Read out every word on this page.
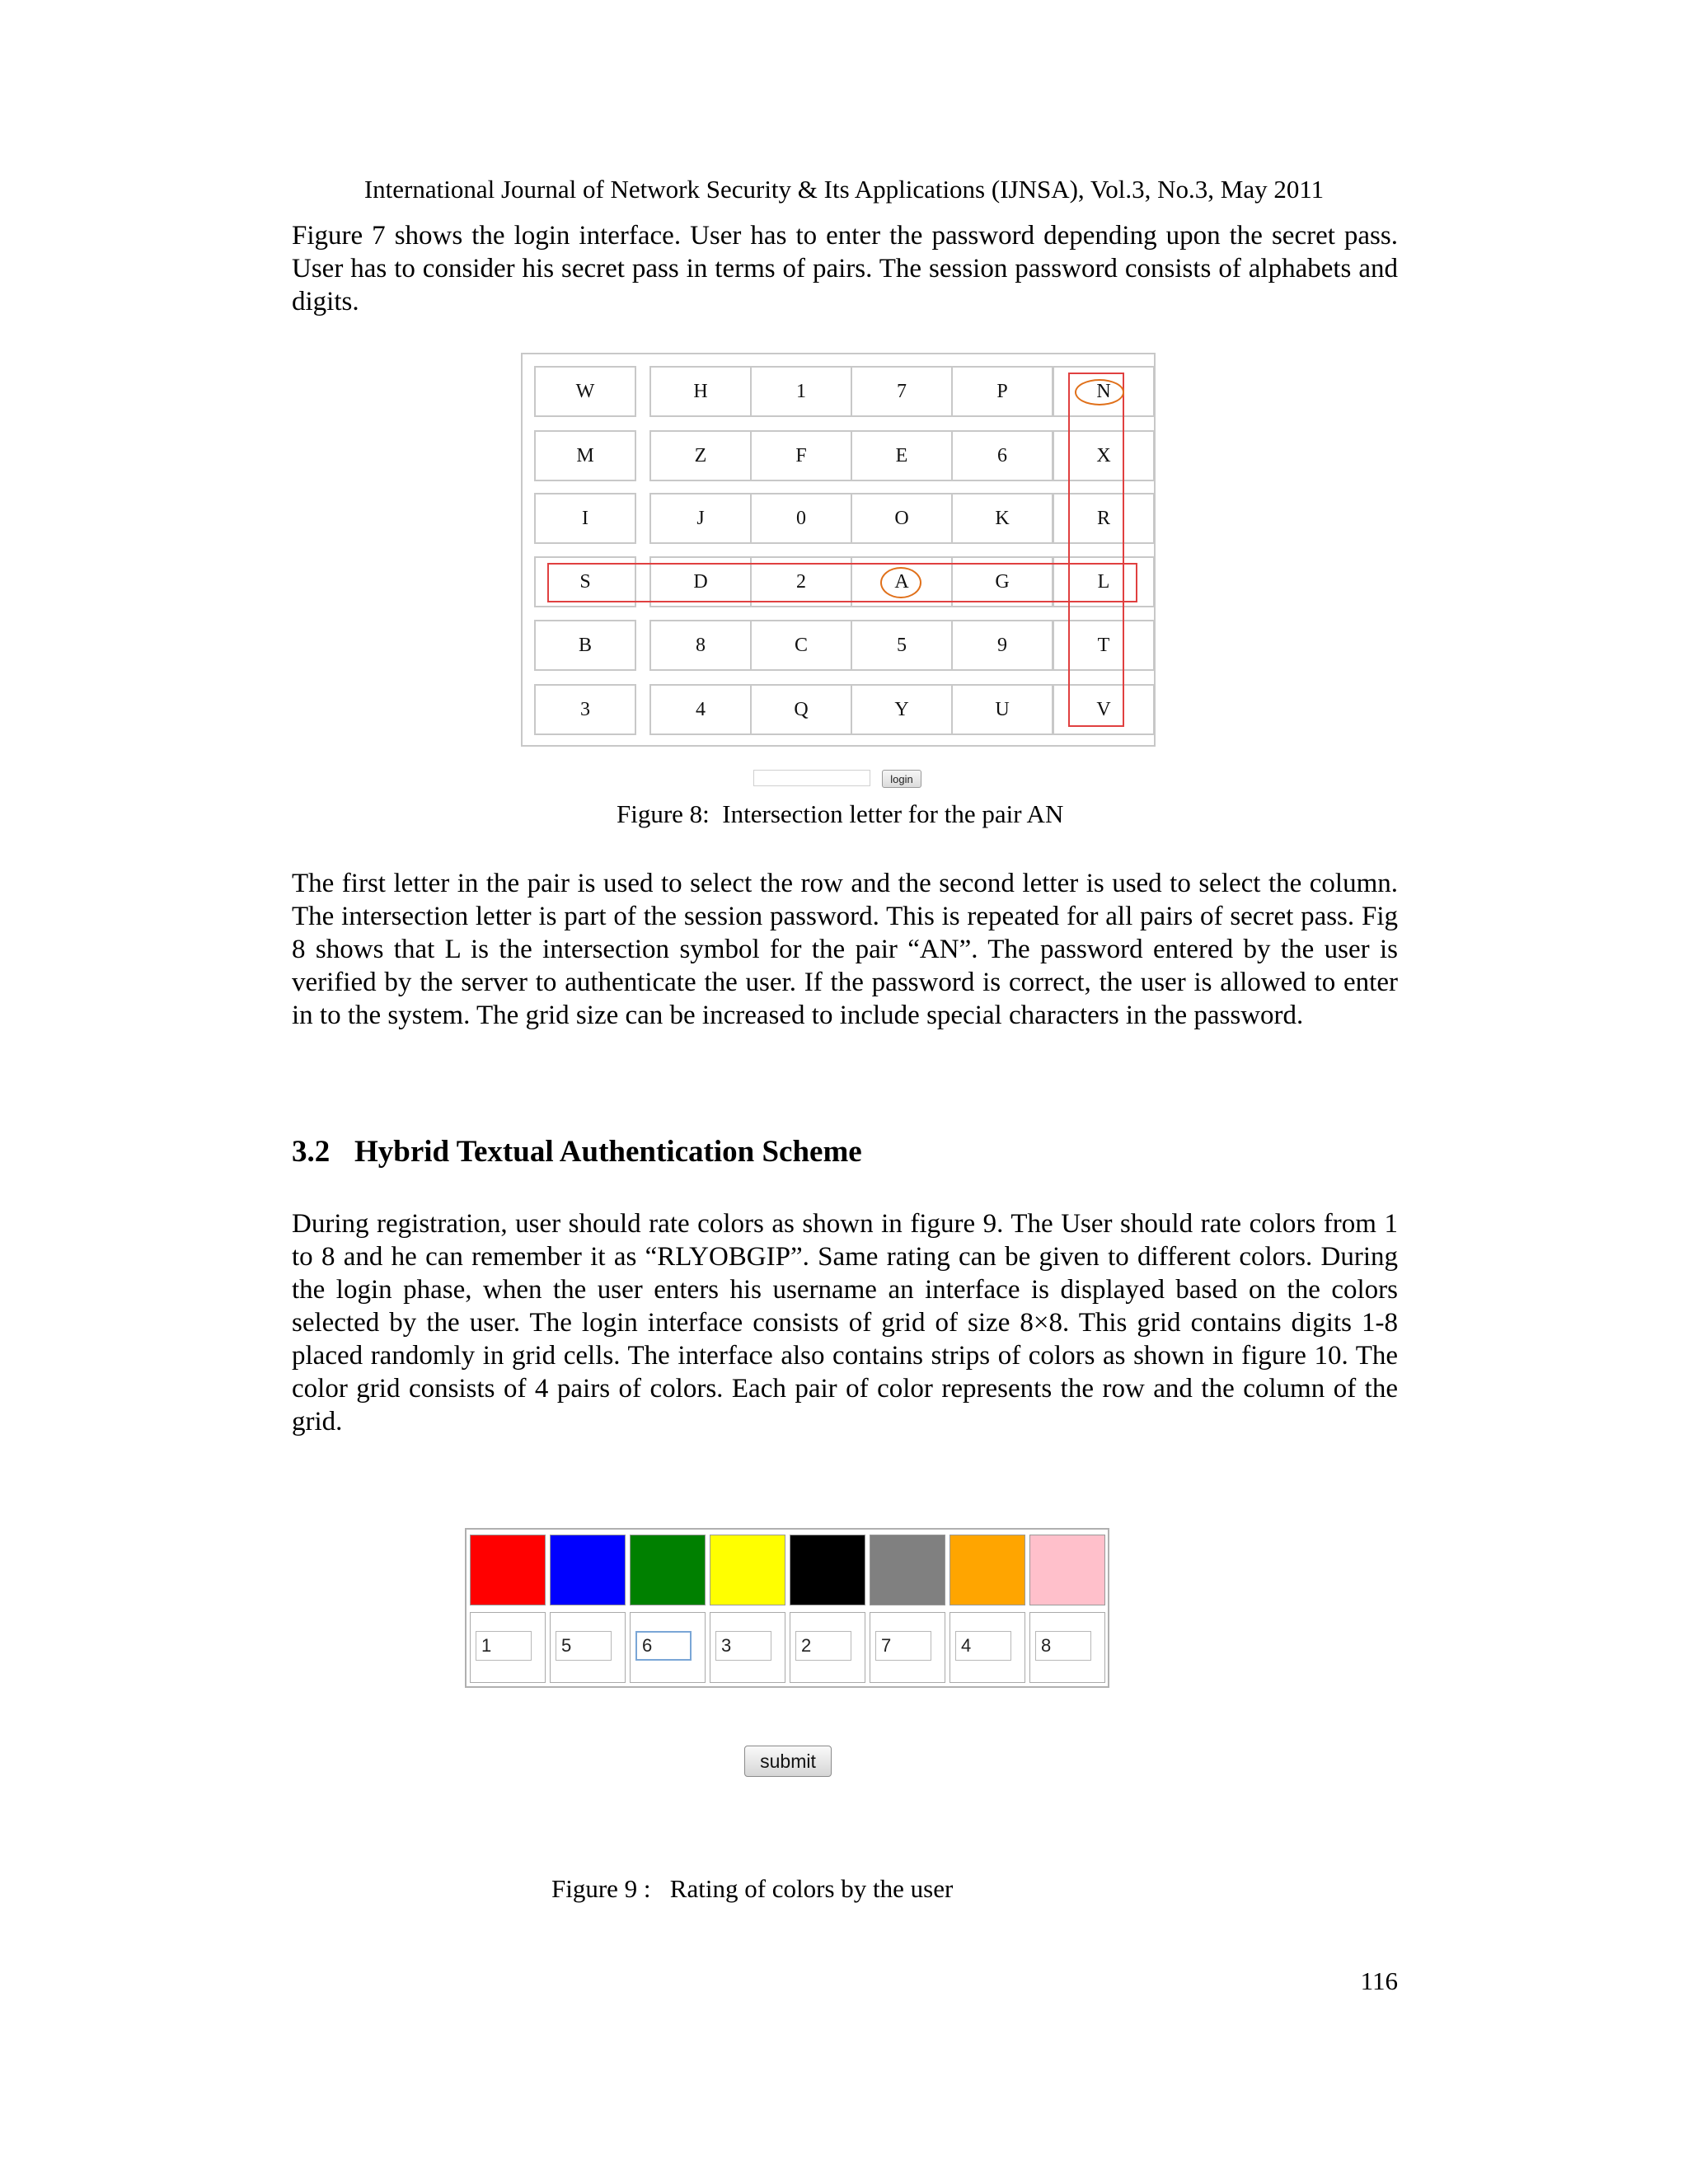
International Journal of Network Security & Its Applications (IJNSA), Vol.3, No.3, May 2011
Figure 7 shows the login interface. User has to enter the password depending upon the secret pass. User has to consider his secret pass in terms of pairs. The session password consists of alphabets and digits.
W	H	1	7	P	N
M	Z	F	E	6	X
I	J	0	O	K	R
S	D	2	A	G	L
B	8	C	5	9	T
3	4	Q	Y	U	V
login
Figure 8:  Intersection letter for the pair AN
The first letter in the pair is used to select the row and the second letter is used to select the column. The intersection letter is part of the session password. This is repeated for all pairs of secret pass. Fig 8 shows that L is the intersection symbol for the pair “AN”. The password entered by the user is verified by the server to authenticate the user. If the password is correct, the user is allowed to enter in to the system. The grid size can be increased to include special characters in the password.
3.2 Hybrid Textual Authentication Scheme
During registration, user should rate colors as shown in figure 9. The User should rate colors from 1 to 8 and he can remember it as “RLYOBGIP”. Same rating can be given to different colors. During the login phase, when the user enters his username an interface is displayed based on the colors selected by the user. The login interface consists of grid of size 8×8. This grid contains digits 1-8 placed randomly in grid cells. The interface also contains strips of colors as shown in figure 10. The color grid consists of 4 pairs of colors. Each pair of color represents the row and the column of the grid.
1	5	6	3	2	7	4	8
submit
Figure 9 :   Rating of colors by the user
116
